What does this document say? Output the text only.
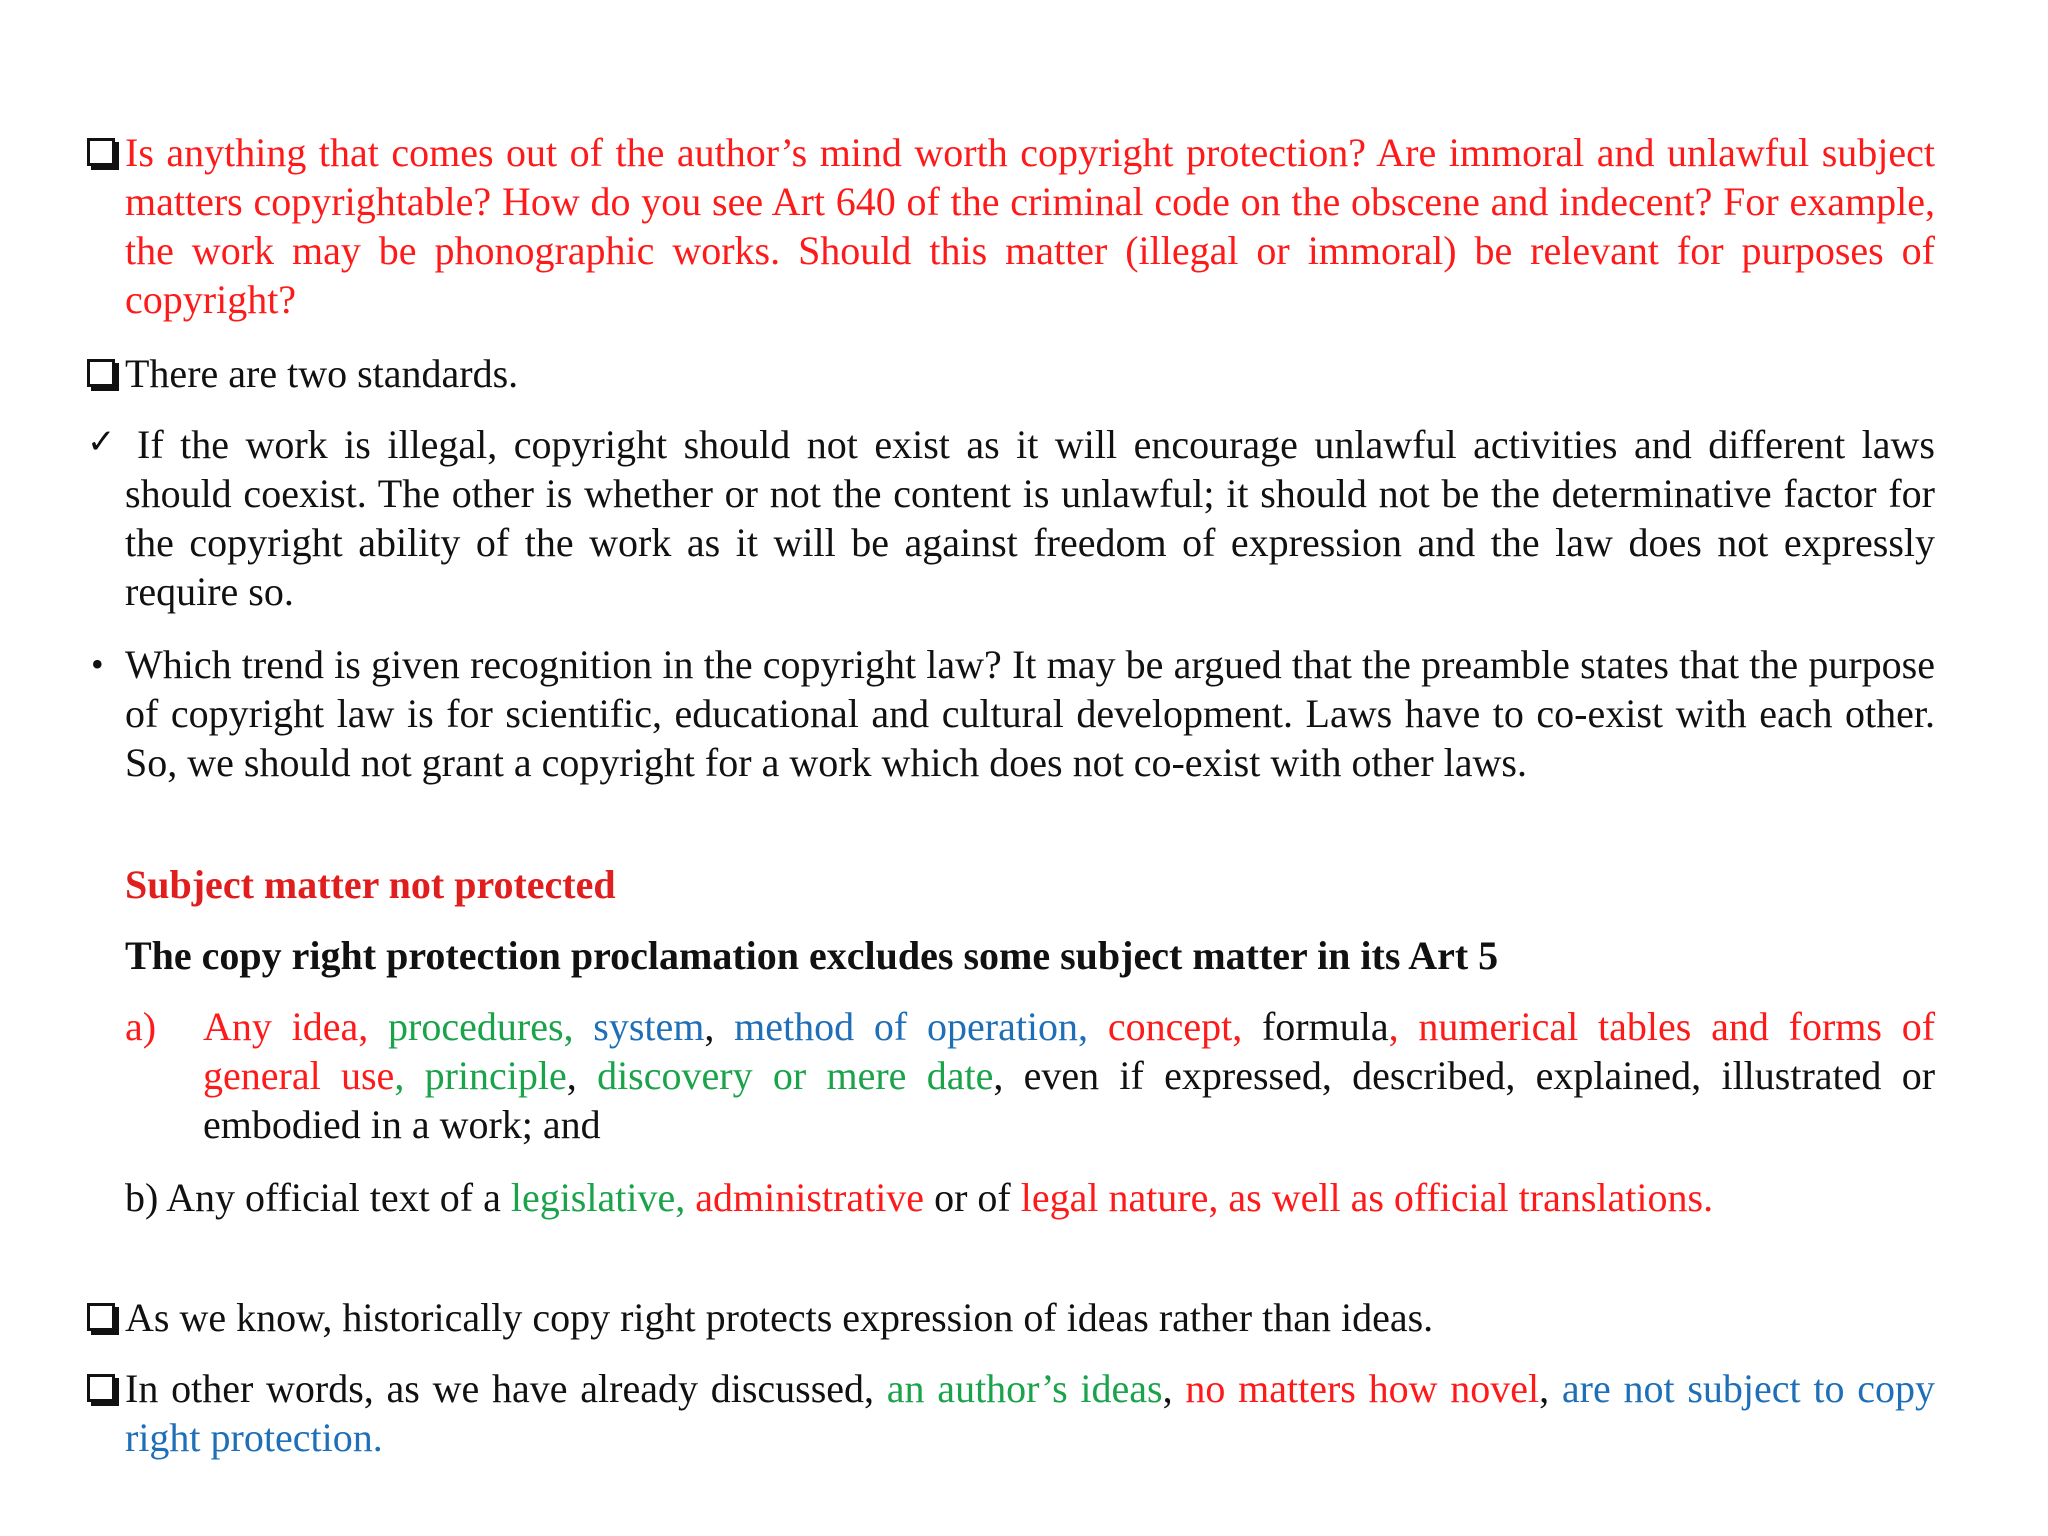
Is anything that comes out of the author’s mind worth copyright protection? Are immoral and unlawful subject matters copyrightable? How do you see Art 640 of the criminal code on the obscene and indecent? For example, the work may be phonographic works. Should this matter (illegal or immoral) be relevant for purposes of copyright?
There are two standards.
✓ If the work is illegal, copyright should not exist as it will encourage unlawful activities and different laws should coexist. The other is whether or not the content is unlawful; it should not be the determinative factor for the copyright ability of the work as it will be against freedom of expression and the law does not expressly require so.
• Which trend is given recognition in the copyright law? It may be argued that the preamble states that the purpose of copyright law is for scientific, educational and cultural development. Laws have to co-exist with each other. So, we should not grant a copyright for a work which does not co-exist with other laws.
Subject matter not protected
The copy right protection proclamation excludes some subject matter in its Art 5
a) Any idea, procedures, system, method of operation, concept, formula, numerical tables and forms of general use, principle, discovery or mere date, even if expressed, described, explained, illustrated or embodied in a work; and
b) Any official text of a legislative, administrative or of legal nature, as well as official translations.
As we know, historically copy right protects expression of ideas rather than ideas.
In other words, as we have already discussed, an author’s ideas, no matters how novel, are not subject to copy right protection.
